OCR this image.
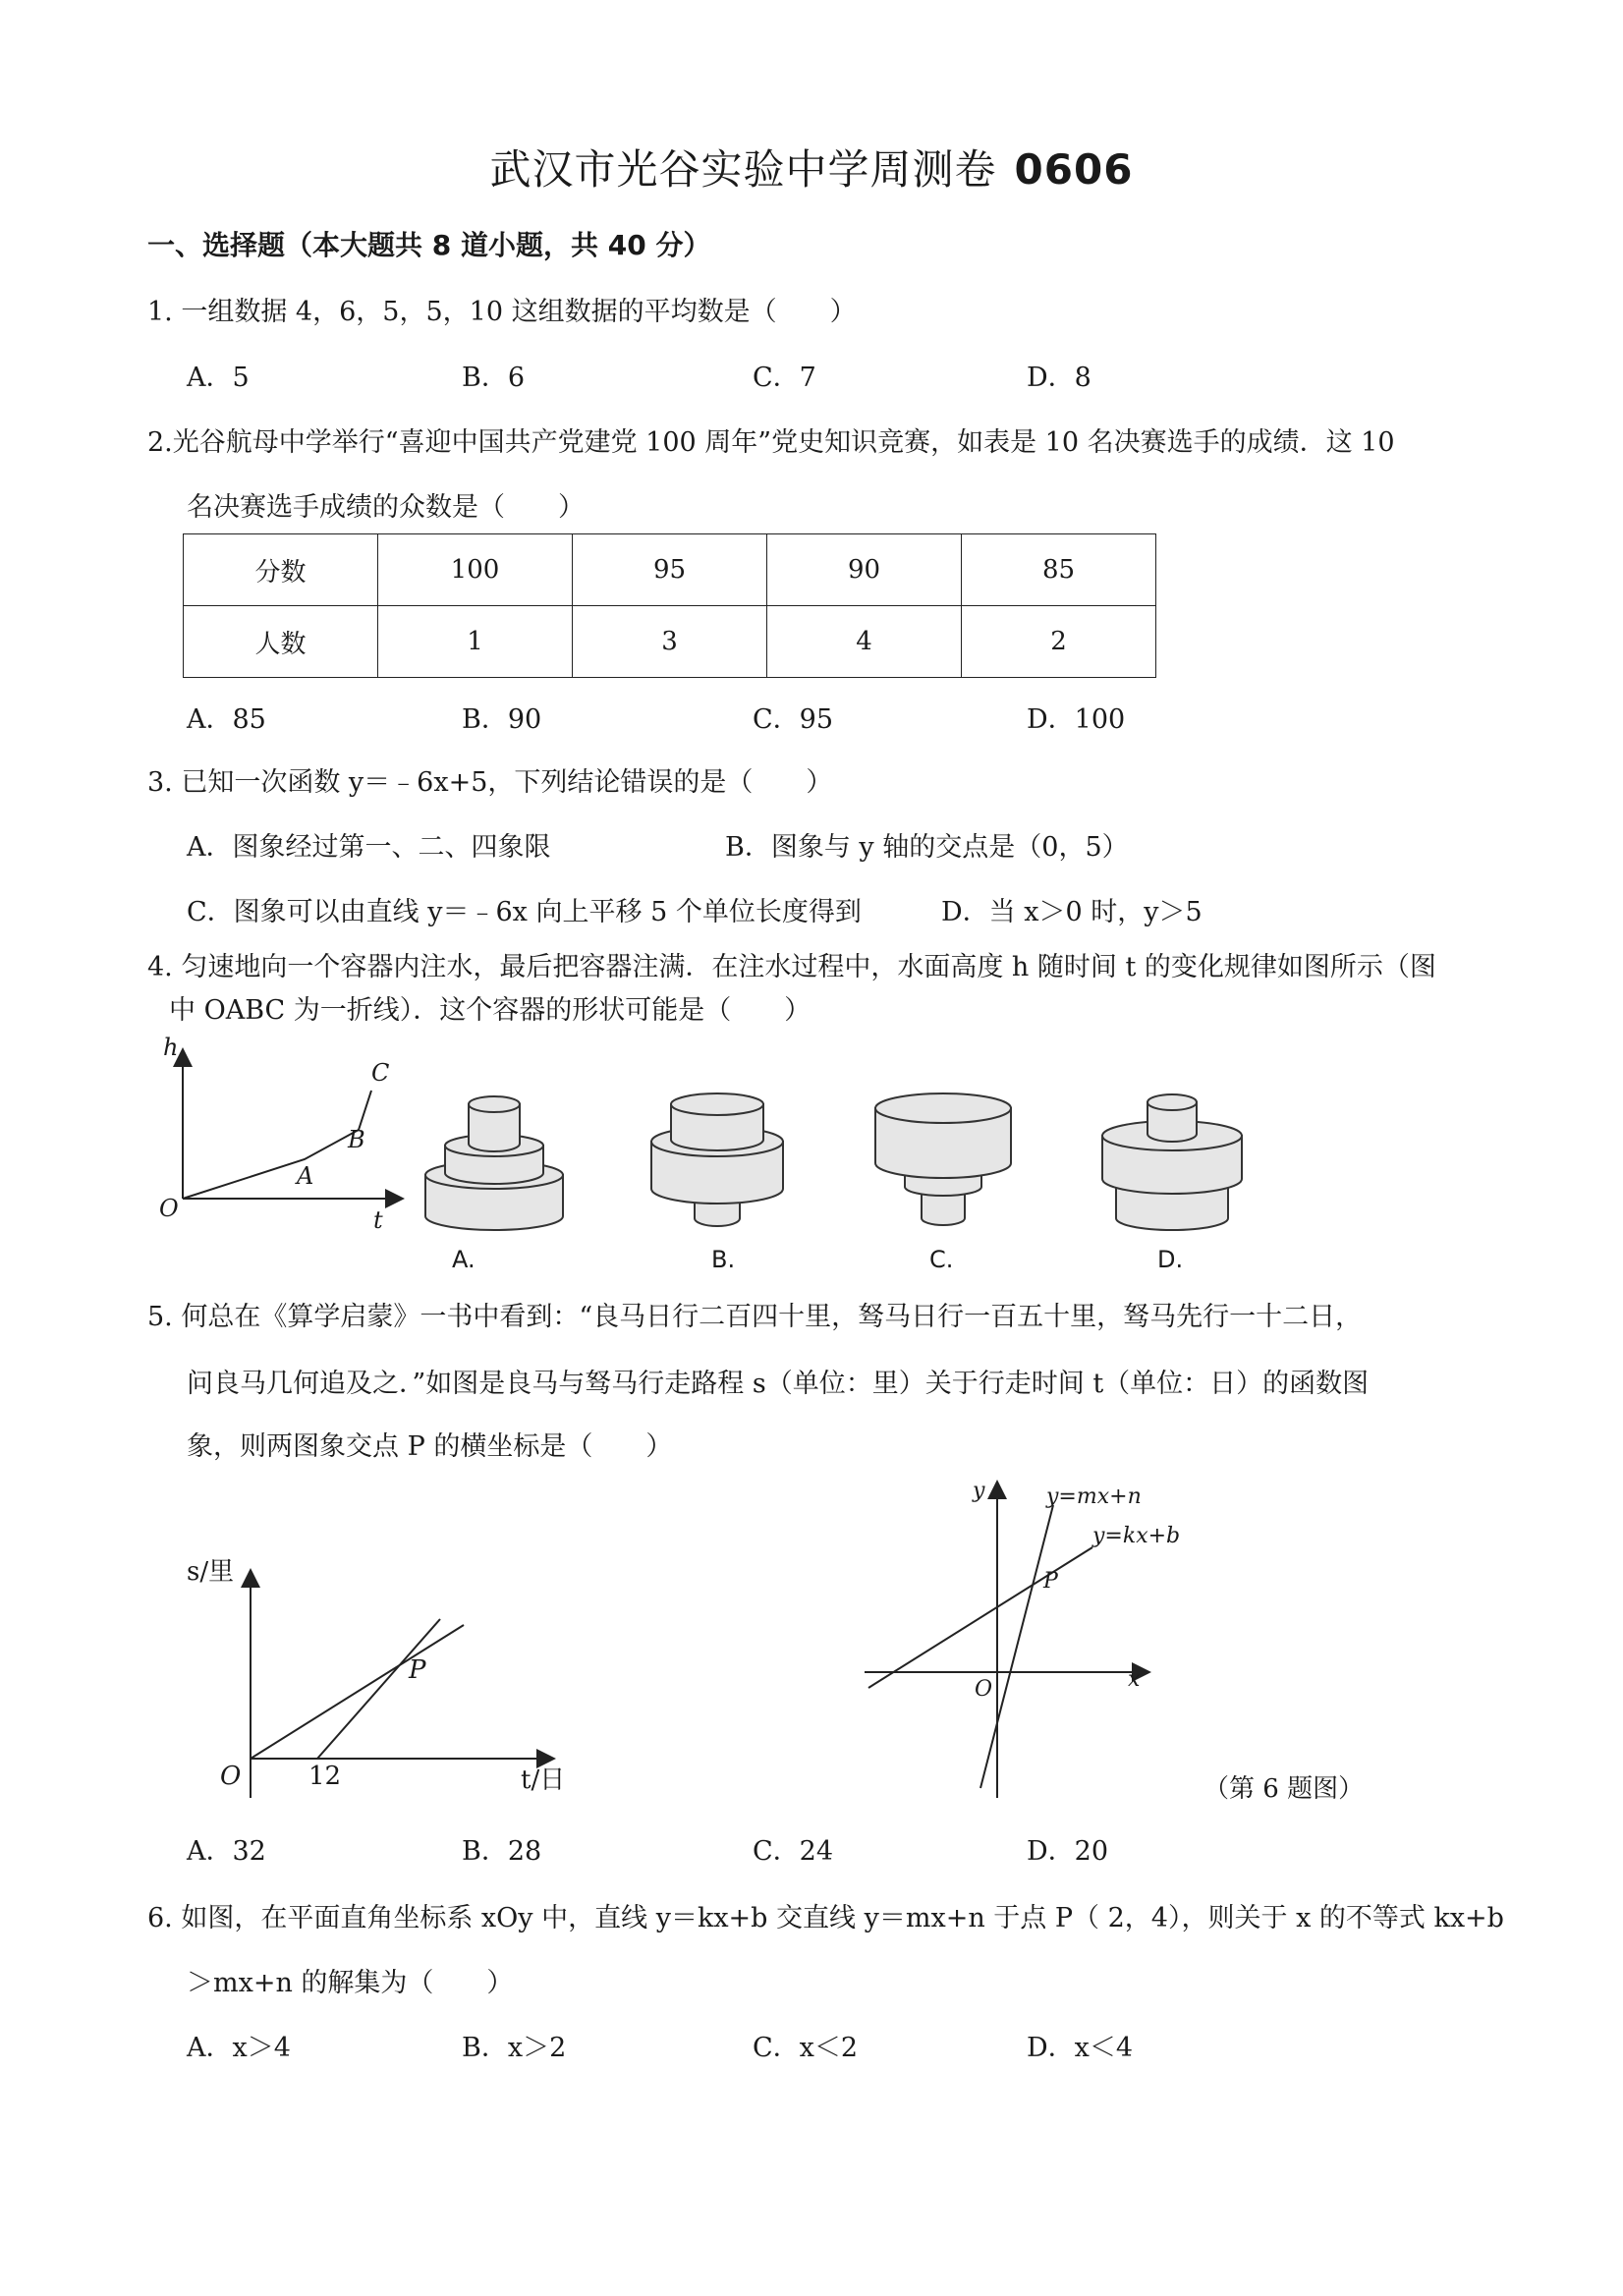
武汉市光谷实验中学周测卷 0606
一、选择题（本大题共 8 道小题，共 40 分）
1. 一组数据 4，6，5，5，10 这组数据的平均数是（　　）
A．5	B．6	C．7	D．8
2.光谷航母中学举行“喜迎中国共产党建党 100 周年”党史知识竞赛，如表是 10 名决赛选手的成绩．这 10
名决赛选手成绩的众数是（　　）
分数	100	95	90	85
人数	1	3	4	2
A．85	B．90	C．95	D．100
3. 已知一次函数 y＝﹣6x+5，下列结论错误的是（　　）
A．图象经过第一、二、四象限	B．图象与 y 轴的交点是（0，5）
C．图象可以由直线 y＝﹣6x 向上平移 5 个单位长度得到	D．当 x＞0 时，y＞5
4. 匀速地向一个容器内注水，最后把容器注满．在注水过程中，水面高度 h 随时间 t 的变化规律如图所示（图
中 OABC 为一折线）．这个容器的形状可能是（　　）
h
O	t
A
B
C
A.	B.	C.	D.
5. 何总在《算学启蒙》一书中看到：“良马日行二百四十里，驽马日行一百五十里，驽马先行一十二日，
问良马几何追及之．”如图是良马与驽马行走路程 s（单位：里）关于行走时间 t（单位：日）的函数图
象，则两图象交点 P 的横坐标是（　　）
s/里
O	12	t/日
P
y
x
O
P
y=mx+n
y=kx+b
（第 6 题图）
A．32	B．28	C．24	D．20
6. 如图，在平面直角坐标系 xOy 中，直线 y＝kx+b 交直线 y＝mx+n 于点 P（ 2，4），则关于 x 的不等式 kx+b
＞mx+n 的解集为（　　）
A．x＞4	B．x＞2	C．x＜2	D．x＜4
